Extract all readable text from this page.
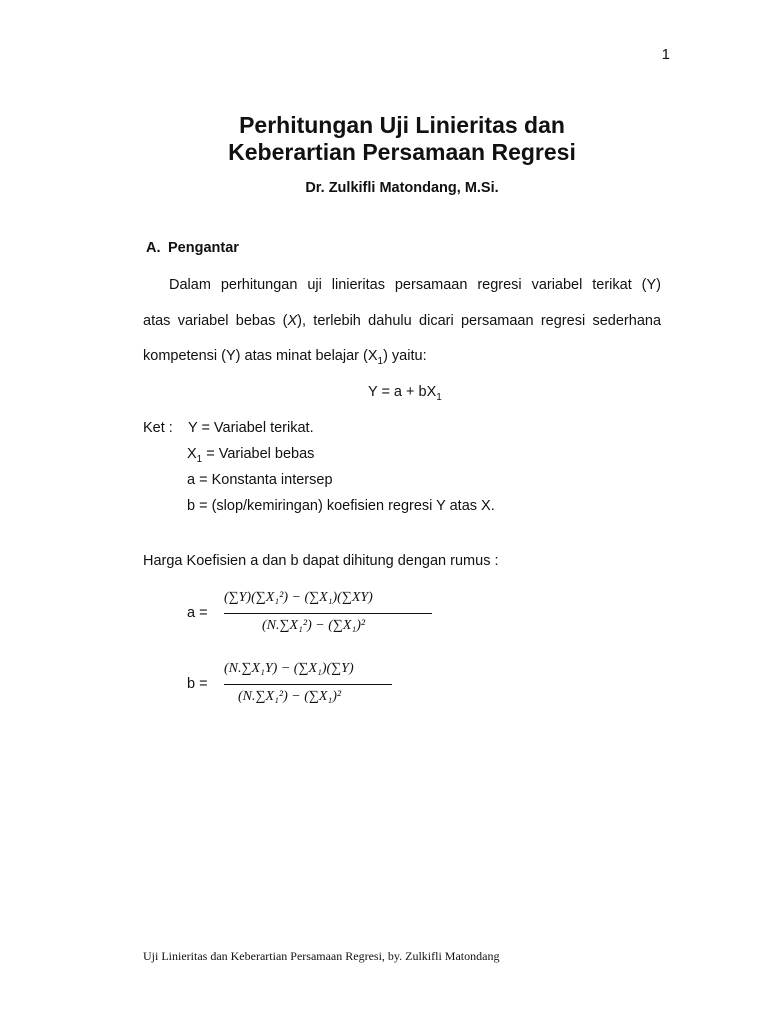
1
Perhitungan Uji Linieritas dan
Keberartian Persamaan Regresi
Dr. Zulkifli Matondang, M.Si.
A. Pengantar
Dalam perhitungan uji linieritas persamaan regresi variabel terikat (Y)
atas variabel bebas (X), terlebih dahulu dicari persamaan regresi sederhana
kompetensi (Y) atas minat belajar $(X_1)$ yaitu:
$Y = a + bX_1$
Ket : Y = Variabel terikat.
$X_1$ = Variabel bebas
a = Konstanta intersep
b = (slop/kemiringan) koefisien regresi Y atas X.
Harga Koefisien a dan b dapat dihitung dengan rumus :
a =
(∑Y)(∑X₁²) − (∑X₁)(∑XY)
(N.∑X₁²) − (∑X₁)²
b =
(N.∑X₁Y) − (∑X₁)(∑Y)
(N.∑X₁²) − (∑X₁)²
Uji Linieritas dan Keberartian Persamaan Regresi, by. Zulkifli Matondang
